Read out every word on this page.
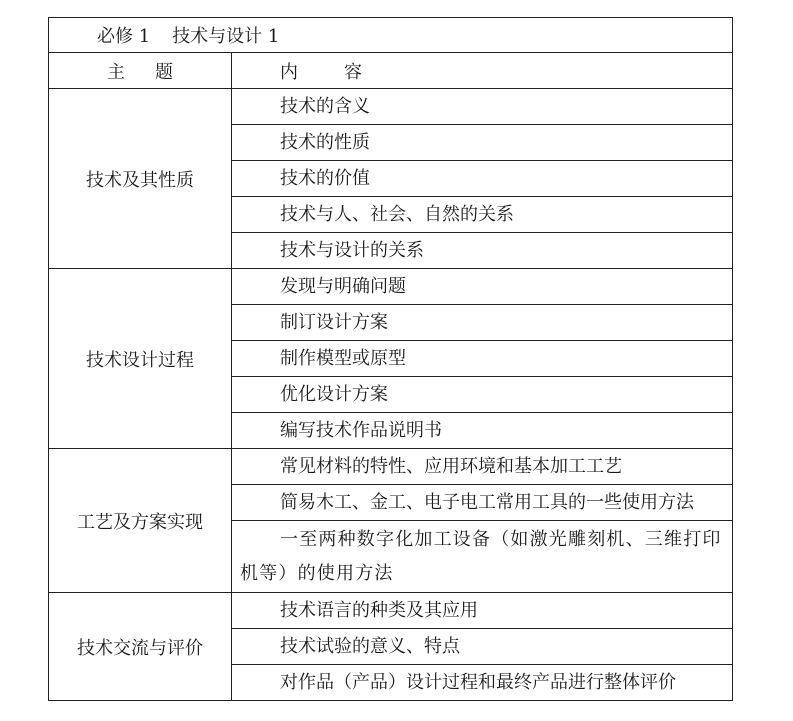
必修 1 技术与设计 1	
主 题	内 容
技术及其性质	技术的含义
	技术的性质
	技术的价值
	技术与人、社会、自然的关系
	技术与设计的关系
技术设计过程	发现与明确问题
	制订设计方案
	制作模型或原型
	优化设计方案
	编写技术作品说明书
工艺及方案实现	常见材料的特性、应用环境和基本加工工艺
	简易木工、金工、电子电工常用工具的一些使用方法
	一至两种数字化加工设备（如激光雕刻机、三维打印机等）的使用方法
技术交流与评价	技术语言的种类及其应用
	技术试验的意义、特点
	对作品（产品）设计过程和最终产品进行整体评价
